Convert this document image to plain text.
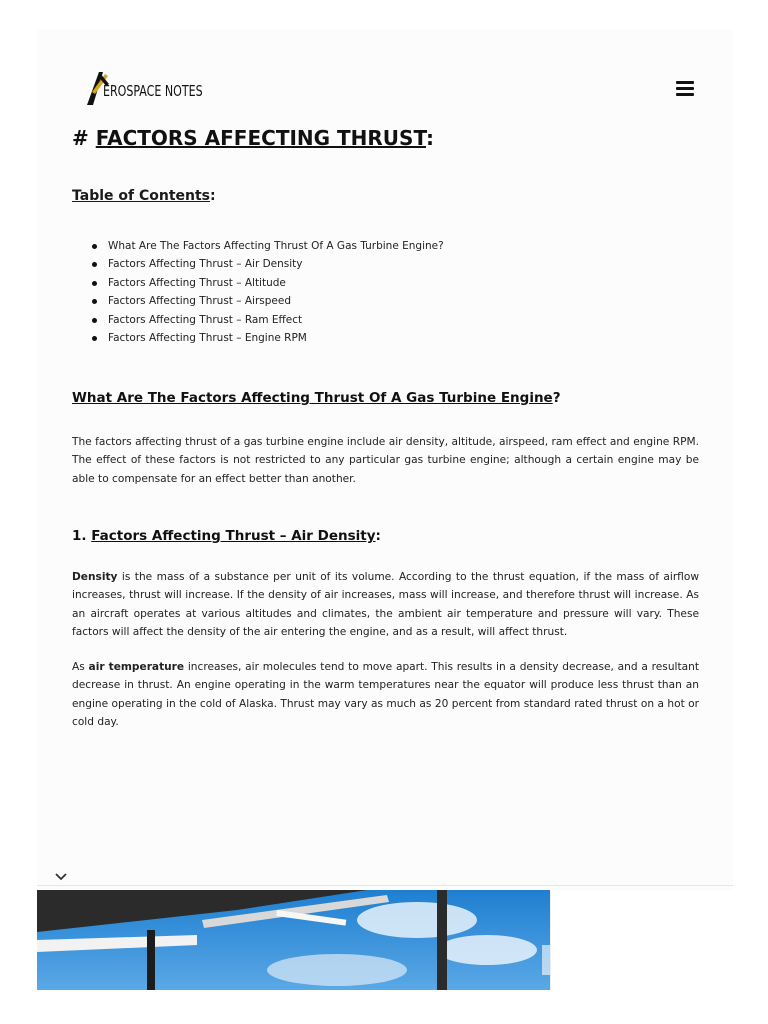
EROSPACE NOTES
# FACTORS AFFECTING THRUST:
Table of Contents:
What Are The Factors Affecting Thrust Of A Gas Turbine Engine?
Factors Affecting Thrust – Air Density
Factors Affecting Thrust – Altitude
Factors Affecting Thrust – Airspeed
Factors Affecting Thrust – Ram Effect
Factors Affecting Thrust – Engine RPM
What Are The Factors Affecting Thrust Of A Gas Turbine Engine?

The factors affecting thrust of a gas turbine engine include air density, altitude, airspeed, ram effect and engine RPM. The effect of these factors is not restricted to any particular gas turbine engine; although a certain engine may be able to compensate for an effect better than another.

1. Factors Affecting Thrust – Air Density:

Density is the mass of a substance per unit of its volume. According to the thrust equation, if the mass of airflow increases, thrust will increase. If the density of air increases, mass will increase, and therefore thrust will increase. As an aircraft operates at various altitudes and climates, the ambient air temperature and pressure will vary. These factors will affect the density of the air entering the engine, and as a result, will affect thrust.

As air temperature increases, air molecules tend to move apart. This results in a density decrease, and a resultant decrease in thrust. An engine operating in the warm temperatures near the equator will produce less thrust than an engine operating in the cold of Alaska. Thrust may vary as much as 20 percent from standard rated thrust on a hot or cold day.
